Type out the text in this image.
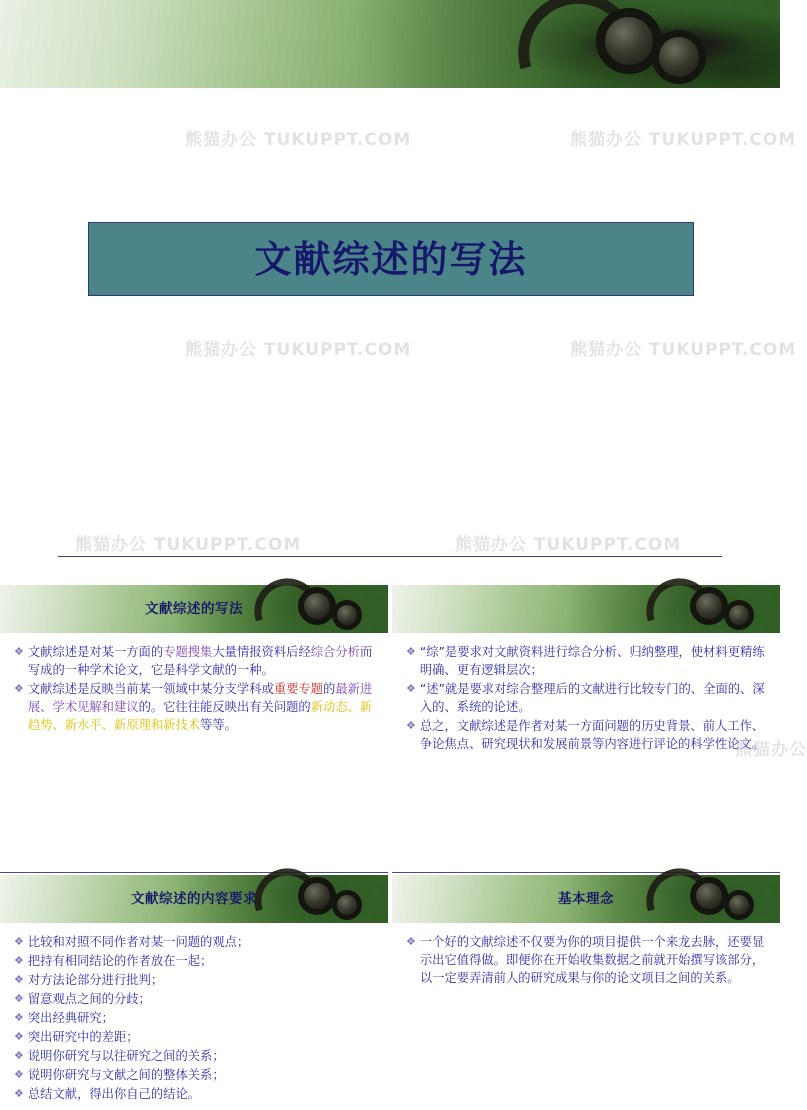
文献综述的写法
熊猫办公 TUKUPPT.COM	熊猫办公 TUKUPPT.COM
熊猫办公 TUKUPPT.COM	熊猫办公 TUKUPPT.COM
熊猫办公 TUKUPPT.COM	熊猫办公 TUKUPPT.COM
文献综述的写法
❖ 文献综述是对某一方面的专题搜集大量情报资料后经综合分析而写成的一种学术论文，它是科学文献的一种。
❖ 文献综述是反映当前某一领域中某分支学科或重要专题的最新进展、学术见解和建议的。它往往能反映出有关问题的新动态、新趋势、新水平、新原理和新技术等等。
❖ “综”是要求对文献资料进行综合分析、归纳整理，使材料更精练明确、更有逻辑层次；
❖ “述”就是要求对综合整理后的文献进行比较专门的、全面的、深入的、系统的论述。
❖ 总之，文献综述是作者对某一方面问题的历史背景、前人工作、争论焦点、研究现状和发展前景等内容进行评论的科学性论文。
文献综述的内容要求
❖ 比较和对照不同作者对某一问题的观点；
❖ 把持有相同结论的作者放在一起；
❖ 对方法论部分进行批判；
❖ 留意观点之间的分歧；
❖ 突出经典研究；
❖ 突出研究中的差距；
❖ 说明你研究与以往研究之间的关系；
❖ 说明你研究与文献之间的整体关系；
❖ 总结文献，得出你自己的结论。
基本理念
❖ 一个好的文献综述不仅要为你的项目提供一个来龙去脉，还要显示出它值得做。即便你在开始收集数据之前就开始撰写该部分，以一定要弄清前人的研究成果与你的论文项目之间的关系。
熊猫办公
